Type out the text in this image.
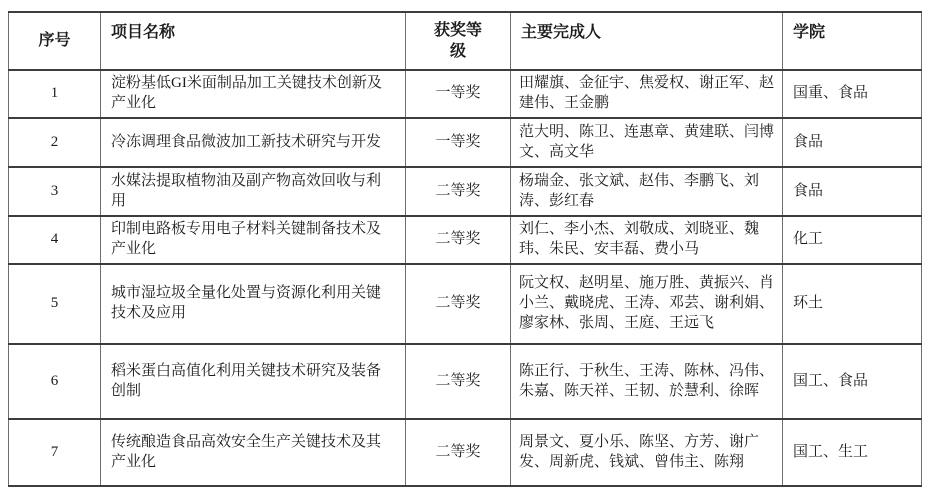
序号	项目名称	获奖等级	主要完成人	学院
1	淀粉基低GI米面制品加工关键技术创新及产业化	一等奖	田耀旗、金征宇、焦爱权、谢正军、赵建伟、王金鹏	国重、食品
2	冷冻调理食品微波加工新技术研究与开发	一等奖	范大明、陈卫、连惠章、黄建联、闫博文、高文华	食品
3	水媒法提取植物油及副产物高效回收与利用	二等奖	杨瑞金、张文斌、赵伟、李鹏飞、刘涛、彭红春	食品
4	印制电路板专用电子材料关键制备技术及产业化	二等奖	刘仁、李小杰、刘敬成、刘晓亚、魏玮、朱民、安丰磊、费小马	化工
5	城市湿垃圾全量化处置与资源化利用关键技术及应用	二等奖	阮文权、赵明星、施万胜、黄振兴、肖小兰、戴晓虎、王涛、邓芸、谢利娟、廖家林、张周、王庭、王远飞	环土
6	稻米蛋白高值化利用关键技术研究及装备创制	二等奖	陈正行、于秋生、王涛、陈林、冯伟、朱嘉、陈天祥、王韧、於慧利、徐晖	国工、食品
7	传统酿造食品高效安全生产关键技术及其产业化	二等奖	周景文、夏小乐、陈坚、方芳、谢广发、周新虎、钱斌、曾伟主、陈翔	国工、生工
